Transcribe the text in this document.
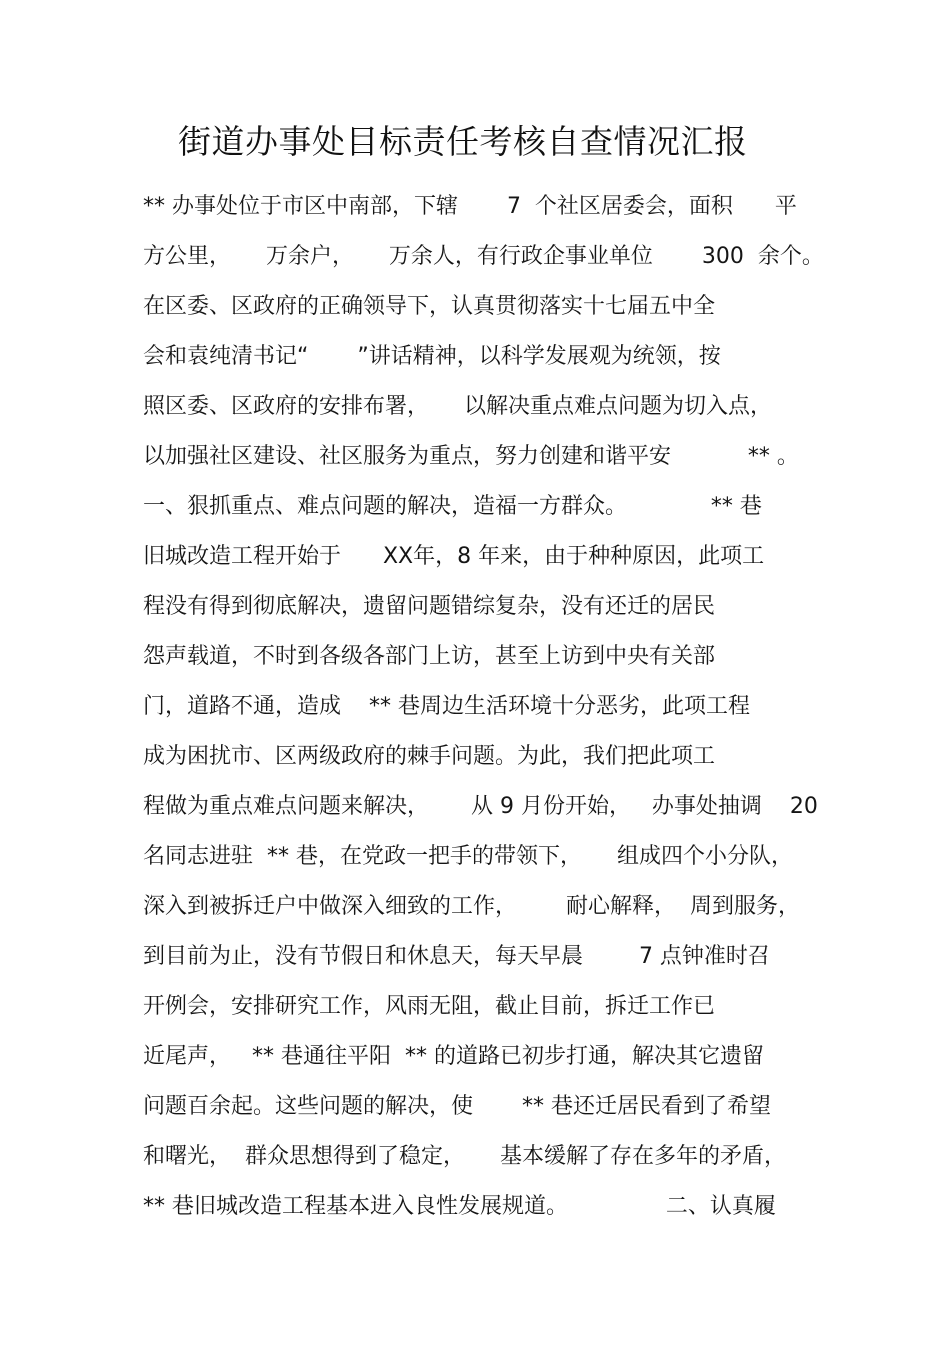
街道办事处目标责任考核自查情况汇报
** 办事处位于市区中南部，下辖       7  个社区居委会，面积      平
方公里，     万余户，     万余人，有行政企事业单位       300  余个。
在区委、区政府的正确领导下，认真贯彻落实十七届五中全
会和袁纯清书记“       ”讲话精神，以科学发展观为统领，按
照区委、区政府的安排布署，     以解决重点难点问题为切入点，
以加强社区建设、社区服务为重点，努力创建和谐平安           ** 。
一、狠抓重点、难点问题的解决，造福一方群众。            ** 巷
旧城改造工程开始于      XX年，8 年来，由于种种原因，此项工
程没有得到彻底解决，遗留问题错综复杂，没有还迁的居民
怨声载道，不时到各级各部门上访，甚至上访到中央有关部
门，道路不通，造成    ** 巷周边生活环境十分恶劣，此项工程
成为困扰市、区两级政府的棘手问题。为此，我们把此项工
程做为重点难点问题来解决，      从 9 月份开始，   办事处抽调    20
名同志进驻  ** 巷，在党政一把手的带领下，     组成四个小分队，
深入到被拆迁户中做深入细致的工作，       耐心解释，  周到服务，
到目前为止，没有节假日和休息天，每天早晨        7 点钟准时召
开例会，安排研究工作，风雨无阻，截止目前，拆迁工作已
近尾声，   ** 巷通往平阳  ** 的道路已初步打通，解决其它遗留
问题百余起。这些问题的解决，使       ** 巷还迁居民看到了希望
和曙光，  群众思想得到了稳定，     基本缓解了存在多年的矛盾，
** 巷旧城改造工程基本进入良性发展规道。              二、认真履
